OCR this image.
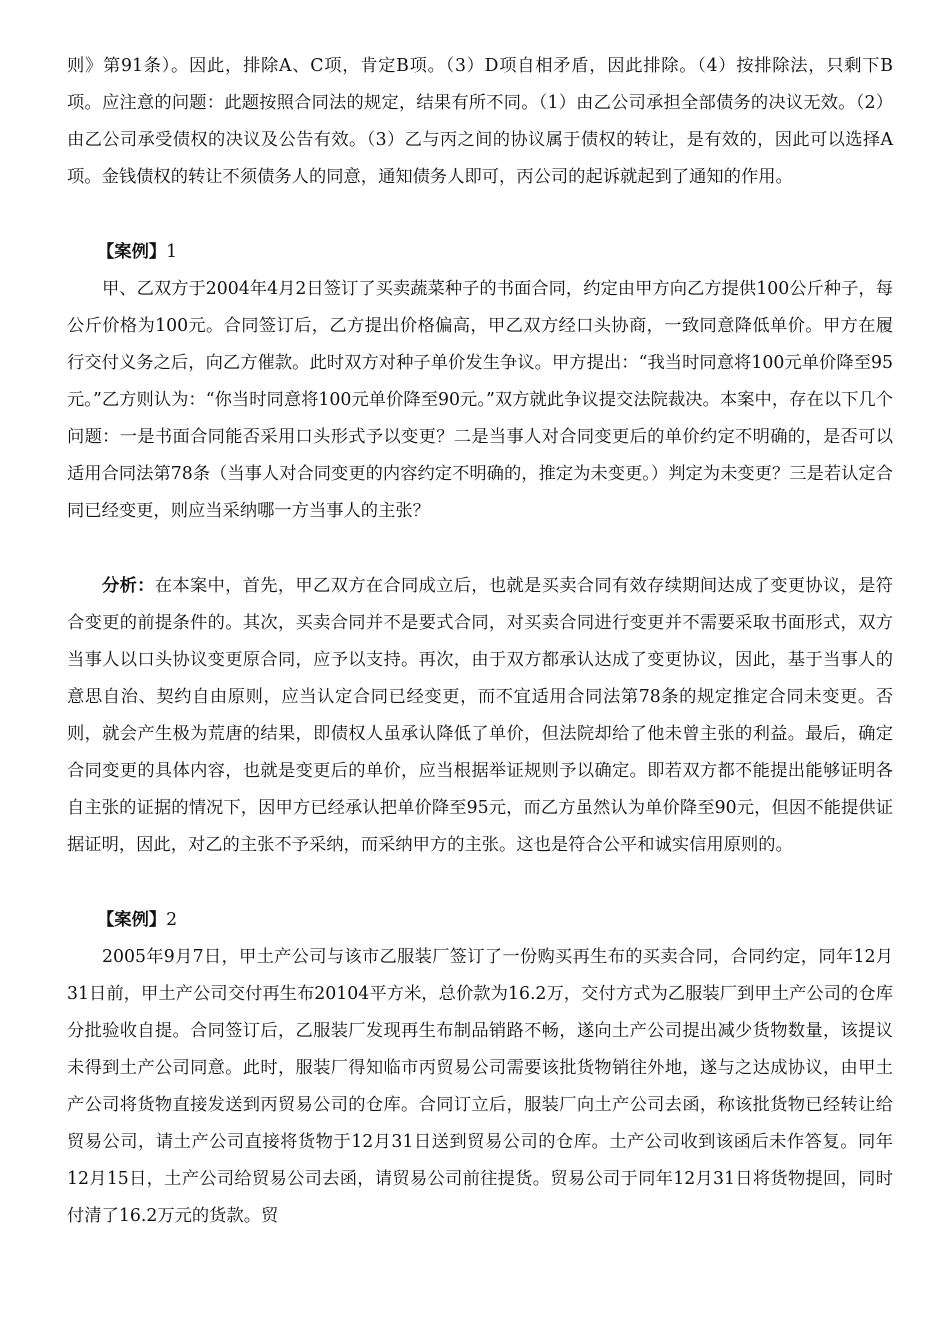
则》第91条）。因此，排除A、C项，肯定B项。（3）D项自相矛盾，因此排除。（4）按排除法，只剩下B项。应注意的问题：此题按照合同法的规定，结果有所不同。（1）由乙公司承担全部债务的决议无效。（2）由乙公司承受债权的决议及公告有效。（3）乙与丙之间的协议属于债权的转让，是有效的，因此可以选择A项。金钱债权的转让不须债务人的同意，通知债务人即可，丙公司的起诉就起到了通知的作用。
【案例】1
甲、乙双方于2004年4月2日签订了买卖蔬菜种子的书面合同，约定由甲方向乙方提供100公斤种子，每公斤价格为100元。合同签订后，乙方提出价格偏高，甲乙双方经口头协商，一致同意降低单价。甲方在履行交付义务之后，向乙方催款。此时双方对种子单价发生争议。甲方提出：“我当时同意将100元单价降至95元。”乙方则认为：“你当时同意将100元单价降至90元。”双方就此争议提交法院裁决。本案中，存在以下几个问题：一是书面合同能否采用口头形式予以变更？二是当事人对合同变更后的单价约定不明确的，是否可以适用合同法第78条（当事人对合同变更的内容约定不明确的，推定为未变更。）判定为未变更？三是若认定合同已经变更，则应当采纳哪一方当事人的主张？
分析：在本案中，首先，甲乙双方在合同成立后，也就是买卖合同有效存续期间达成了变更协议，是符合变更的前提条件的。其次，买卖合同并不是要式合同，对买卖合同进行变更并不需要采取书面形式，双方当事人以口头协议变更原合同，应予以支持。再次，由于双方都承认达成了变更协议，因此，基于当事人的意思自治、契约自由原则，应当认定合同已经变更，而不宜适用合同法第78条的规定推定合同未变更。否则，就会产生极为荒唐的结果，即债权人虽承认降低了单价，但法院却给了他未曾主张的利益。最后，确定合同变更的具体内容，也就是变更后的单价，应当根据举证规则予以确定。即若双方都不能提出能够证明各自主张的证据的情况下，因甲方已经承认把单价降至95元，而乙方虽然认为单价降至90元，但因不能提供证据证明，因此，对乙的主张不予采纳，而采纳甲方的主张。这也是符合公平和诚实信用原则的。
【案例】2
2005年9月7日，甲土产公司与该市乙服装厂签订了一份购买再生布的买卖合同，合同约定，同年12月31日前，甲土产公司交付再生布20104平方米，总价款为16.2万，交付方式为乙服装厂到甲土产公司的仓库分批验收自提。合同签订后，乙服装厂发现再生布制品销路不畅，遂向土产公司提出减少货物数量，该提议未得到土产公司同意。此时，服装厂得知临市丙贸易公司需要该批货物销往外地，遂与之达成协议，由甲土产公司将货物直接发送到丙贸易公司的仓库。合同订立后，服装厂向土产公司去函，称该批货物已经转让给贸易公司，请土产公司直接将货物于12月31日送到贸易公司的仓库。土产公司收到该函后未作答复。同年12月15日，土产公司给贸易公司去函，请贸易公司前往提货。贸易公司于同年12月31日将货物提回，同时付清了16.2万元的货款。贸
